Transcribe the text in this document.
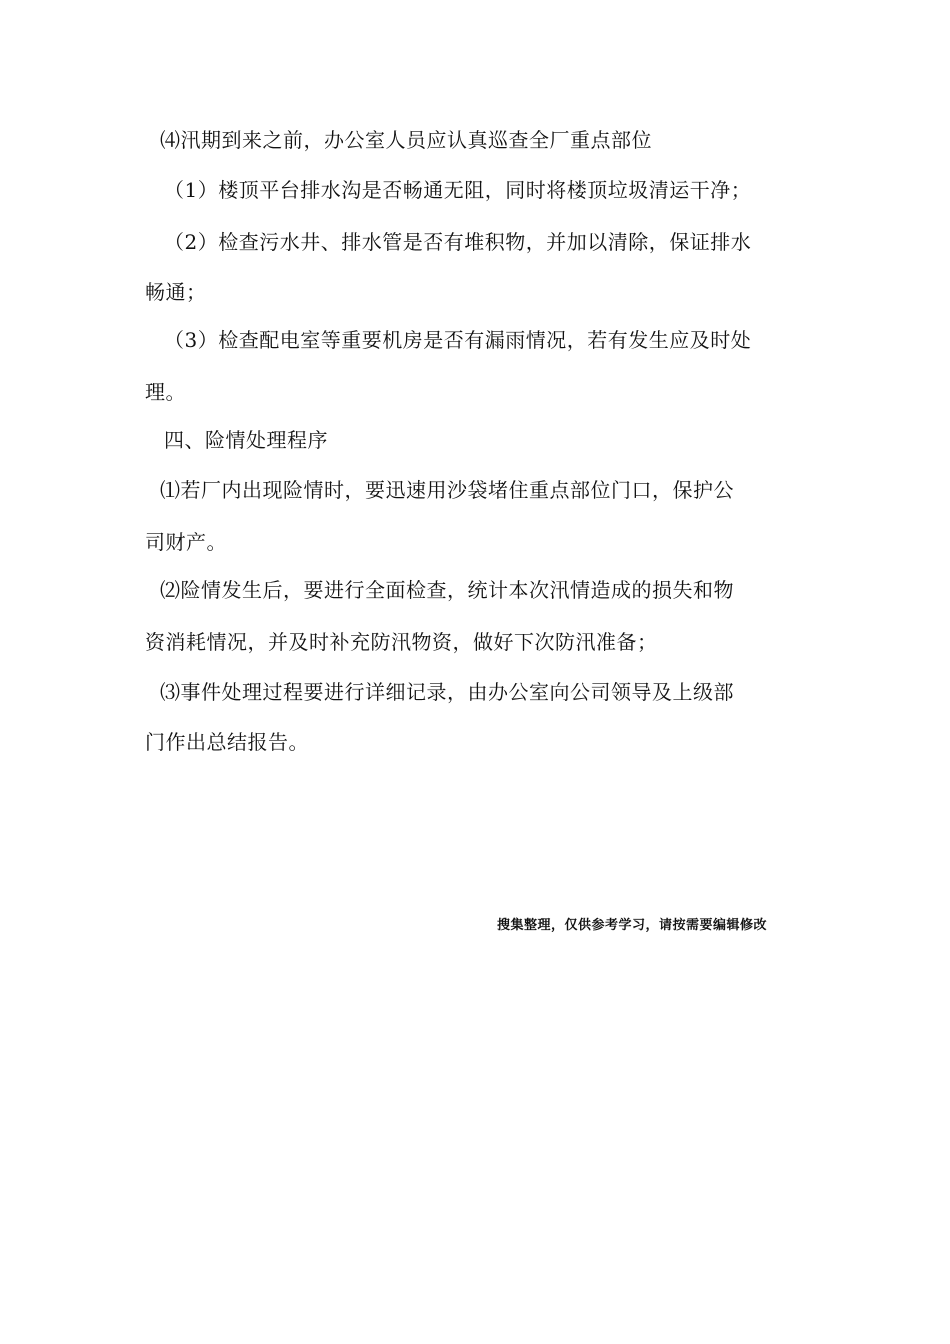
⑷汛期到来之前，办公室人员应认真巡查全厂重点部位
（1）楼顶平台排水沟是否畅通无阻，同时将楼顶垃圾清运干净；
（2）检查污水井、排水管是否有堆积物，并加以清除，保证排水
畅通；
（3）检查配电室等重要机房是否有漏雨情况，若有发生应及时处
理。
四、险情处理程序
⑴若厂内出现险情时，要迅速用沙袋堵住重点部位门口，保护公
司财产。
⑵险情发生后，要进行全面检查，统计本次汛情造成的损失和物
资消耗情况，并及时补充防汛物资，做好下次防汛准备；
⑶事件处理过程要进行详细记录，由办公室向公司领导及上级部
门作出总结报告。
搜集整理，仅供参考学习，请按需要编辑修改
